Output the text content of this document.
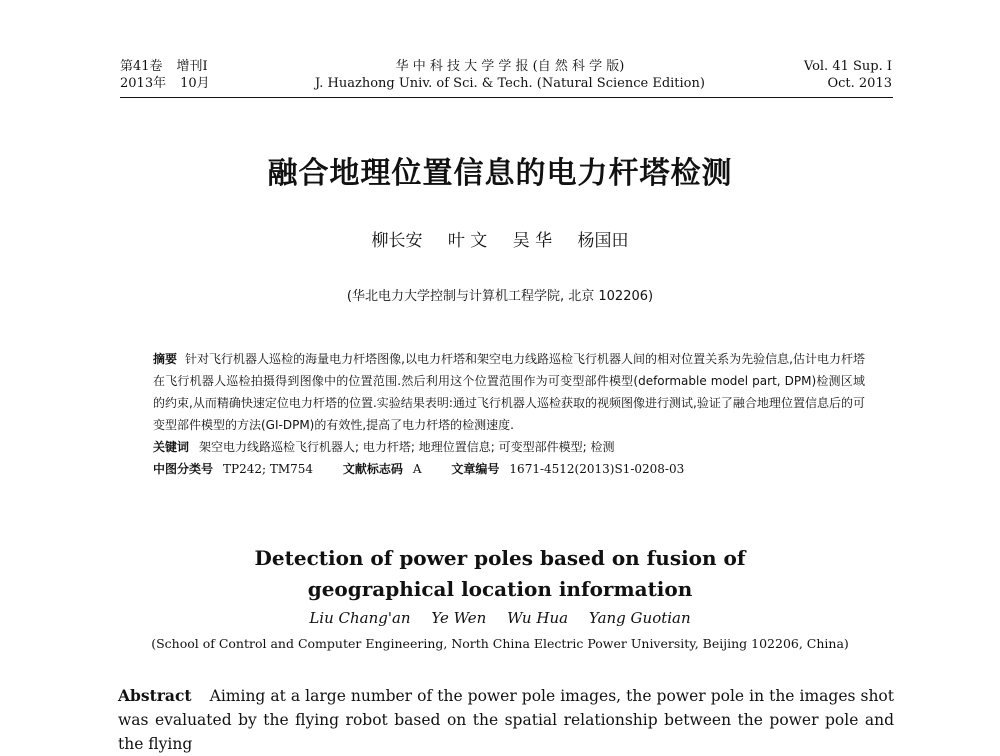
第41卷 增刊Ⅰ
2013年 10月
华 中 科 技 大 学 学 报 (自 然 科 学 版)
J. Huazhong Univ. of Sci. & Tech. (Natural Science Edition)
Vol. 41 Sup. Ⅰ
Oct. 2013
融合地理位置信息的电力杆塔检测
柳长安 叶 文 吴 华 杨国田
(华北电力大学控制与计算机工程学院, 北京 102206)
摘要 针对飞行机器人巡检的海量电力杆塔图像,以电力杆塔和架空电力线路巡检飞行机器人间的相对位置关系为先验信息,估计电力杆塔在飞行机器人巡检拍摄得到图像中的位置范围.然后利用这个位置范围作为可变型部件模型(deformable model part, DPM)检测区域的约束,从而精确快速定位电力杆塔的位置.实验结果表明:通过飞行机器人巡检获取的视频图像进行测试,验证了融合地理位置信息后的可变型部件模型的方法(GI-DPM)的有效性,提高了电力杆塔的检测速度.
关键词 架空电力线路巡检飞行机器人; 电力杆塔; 地理位置信息; 可变型部件模型; 检测
中图分类号 TP242; TM754 文献标志码 A 文章编号 1671-4512(2013)S1-0208-03
Detection of power poles based on fusion of
geographical location information
Liu Chang'an Ye Wen Wu Hua Yang Guotian
(School of Control and Computer Engineering, North China Electric Power University, Beijing 102206, China)
Abstract Aiming at a large number of the power pole images, the power pole in the images shot was evaluated by the flying robot based on the spatial relationship between the power pole and the flying
